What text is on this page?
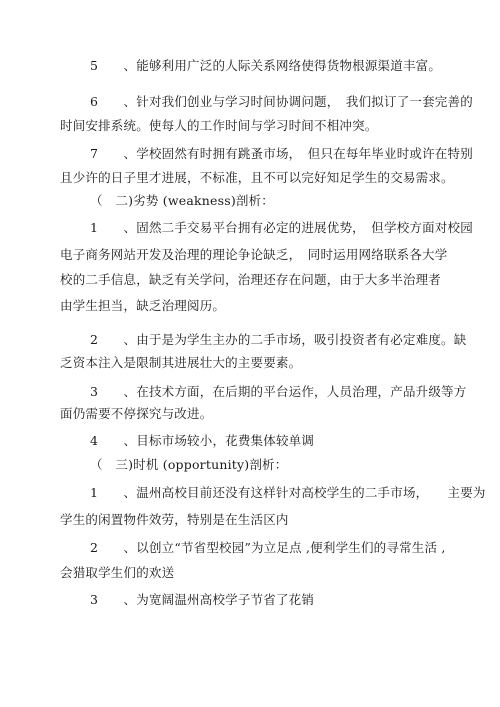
5　　、能够利用广泛的人际关系网络使得货物根源渠道丰富。
6　　、针对我们创业与学习时间协调问题，　我们拟订了一套完善的
时间安排系统。使每人的工作时间与学习时间不相冲突。
7　　、学校固然有时拥有跳蚤市场，　但只在每年毕业时或许在特别
且少许的日子里才进展，不标准，且不可以完好知足学生的交易需求。
（　二)劣势 (weakness)剖析：
1　　、固然二手交易平台拥有必定的进展优势，　但学校方面对校园
电子商务网站开发及治理的理论争论缺乏，　同时运用网络联系各大学
校的二手信息，缺乏有关学问，治理还存在问题，由于大多半治理者
由学生担当，缺乏治理阅历。
2　　、由于是为学生主办的二手市场，吸引投资者有必定难度。缺
乏资本注入是限制其进展壮大的主要要素。
3　　、在技术方面，在后期的平台运作，人员治理，产品升级等方
面仍需要不停探究与改进。
4　　、目标市场较小，花费集体较单调
（　三)时机 (opportunity)剖析：
1　　、温州高校目前还没有这样针对高校学生的二手市场，　　主要为
学生的闲置物件效劳，特别是在生活区内
2　　、以创立“节省型校园”为立足点 ,便利学生们的寻常生活 ,
会猎取学生们的欢送
3　　、为宽阔温州高校学子节省了花销
